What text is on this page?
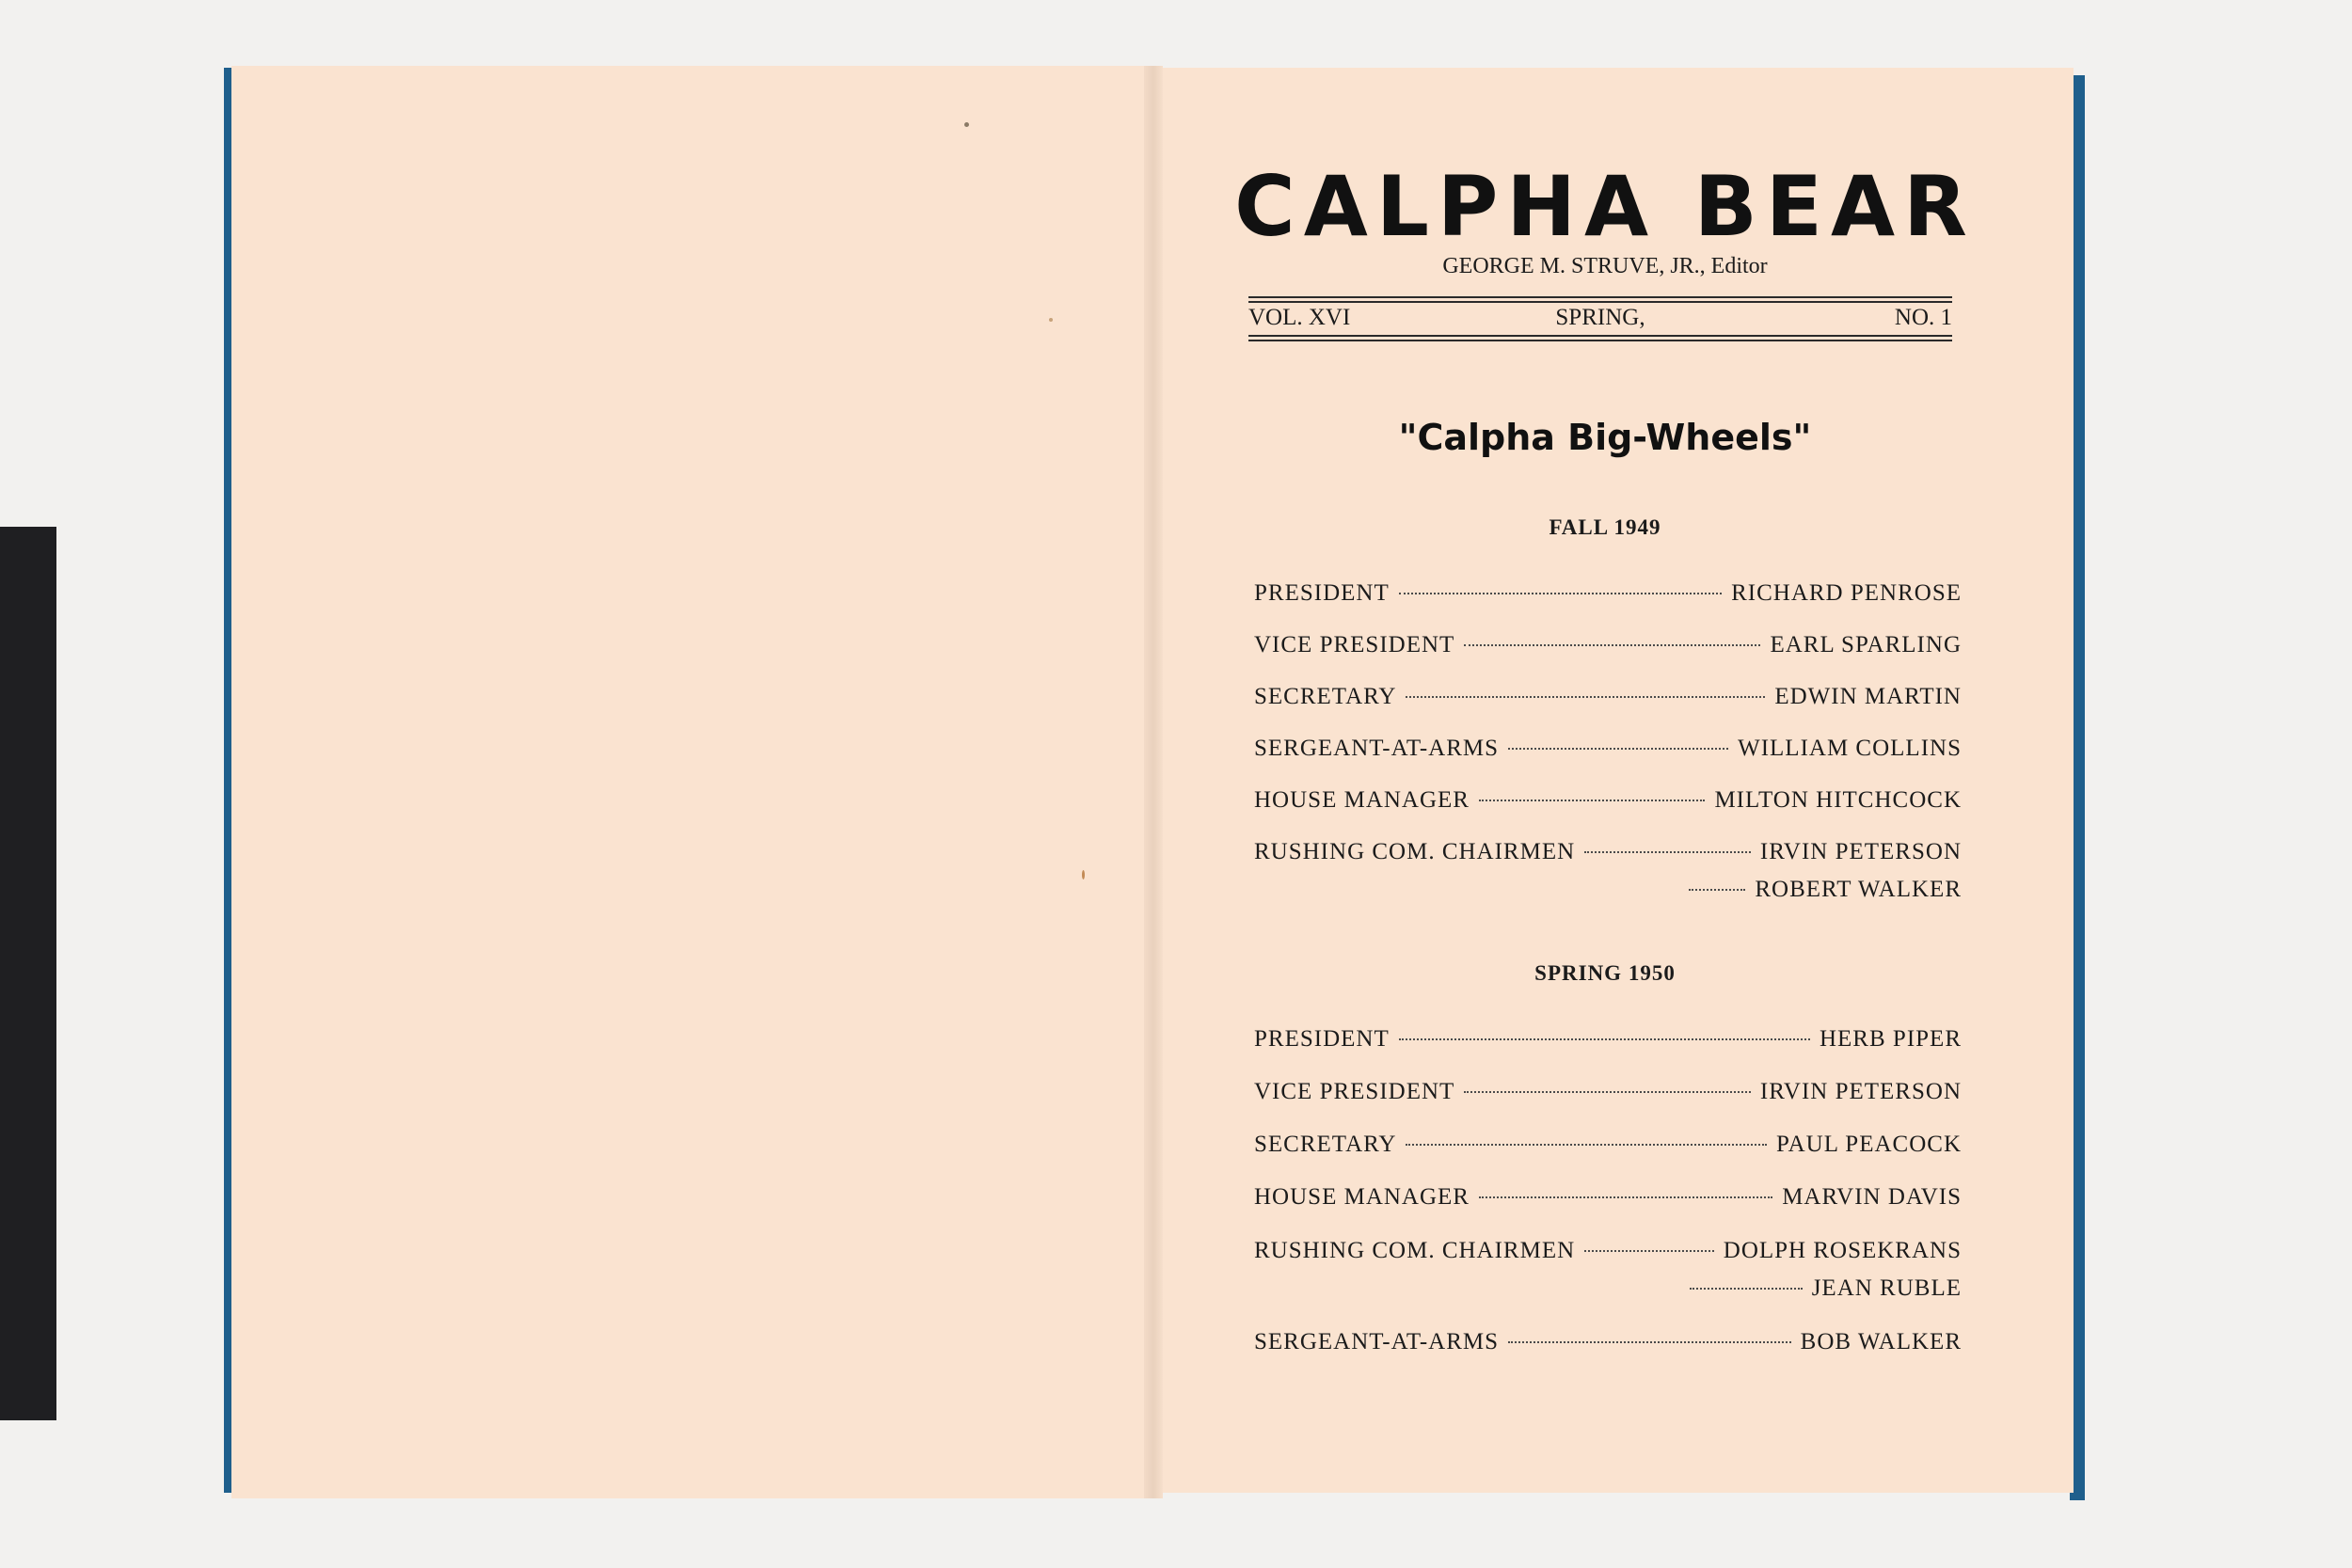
CALPHA BEAR
GEORGE M. STRUVE, JR., Editor
VOL. XVI	SPRING,	NO. 1
"Calpha Big-Wheels"
FALL 1949
PRESIDENT	RICHARD PENROSE
VICE PRESIDENT	EARL SPARLING
SECRETARY	EDWIN MARTIN
SERGEANT-AT-ARMS	WILLIAM COLLINS
HOUSE MANAGER	MILTON HITCHCOCK
RUSHING COM. CHAIRMEN	IRVIN PETERSON
ROBERT WALKER
SPRING 1950
PRESIDENT	HERB PIPER
VICE PRESIDENT	IRVIN PETERSON
SECRETARY	PAUL PEACOCK
HOUSE MANAGER	MARVIN DAVIS
RUSHING COM. CHAIRMEN	DOLPH ROSEKRANS
JEAN RUBLE
SERGEANT-AT-ARMS	BOB WALKER
